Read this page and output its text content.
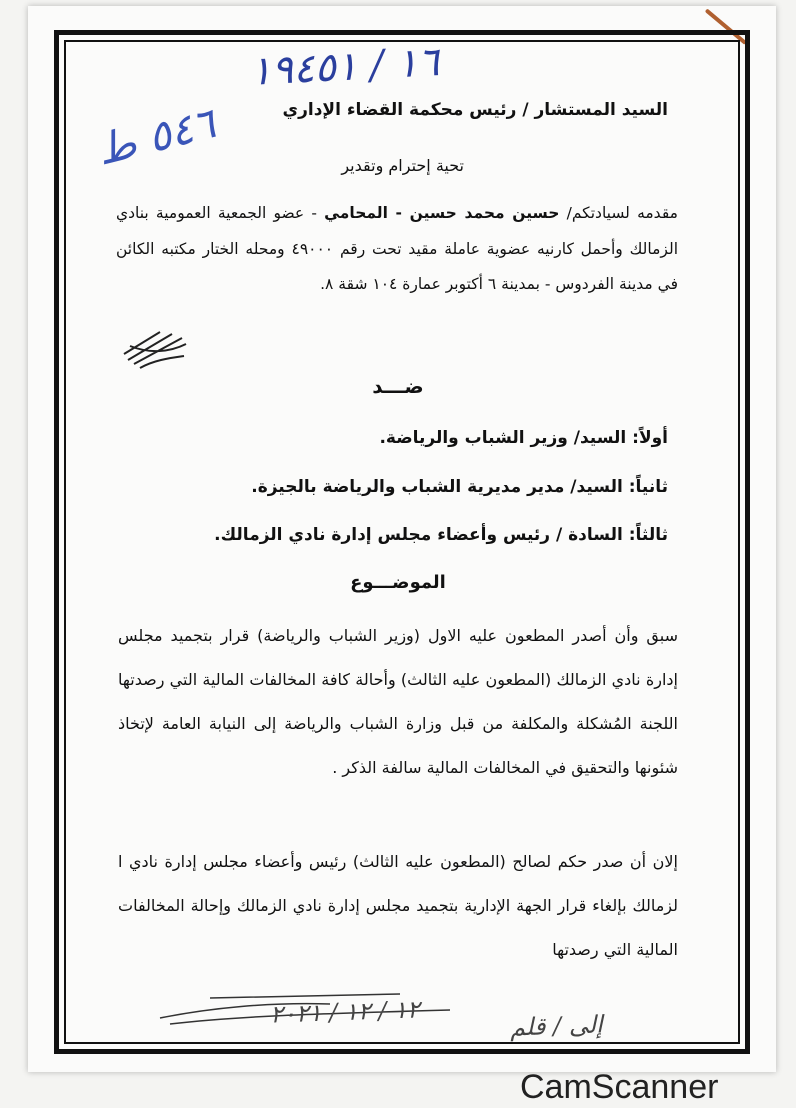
١٦ / ١٩٤٥١
٥٤٦ ط	السيد المستشار / رئيس محكمة القضاء الإداري
تحية إحترام وتقدير
مقدمه لسيادتكم/ حسين محمد حسين - المحامي - عضو الجمعية العمومية بنادي الزمالك وأحمل كارنيه عضوية عاملة مقيد تحت رقم ٤٩٠٠٠ ومحله الختار مكتبه الكائن في مدينة الفردوس - بمدينة ٦ أكتوبر عمارة ١٠٤ شقة ٨.
ضـــد
أولاً: السيد/ وزير الشباب والرياضة.
ثانياً: السيد/ مدير مديرية الشباب والرياضة بالجيزة.
ثالثاً: السادة / رئيس وأعضاء مجلس إدارة نادي الزمالك.
الموضـــوع
سبق وأن أصدر المطعون عليه الاول (وزير الشباب والرياضة) قرار بتجميد مجلس إدارة نادي الزمالك (المطعون عليه الثالث) وأحالة كافة المخالفات المالية التي رصدتها اللجنة المُشكلة والمكلفة من قبل وزارة الشباب والرياضة إلى النيابة العامة لإتخاذ شئونها والتحقيق في المخالفات المالية سالفة الذكر .
إلان أن صدر حكم لصالح (المطعون عليه الثالث) رئيس وأعضاء مجلس إدارة نادي ا لزمالك بإلغاء قرار الجهة الإدارية بتجميد مجلس إدارة نادي الزمالك وإحالة المخالفات المالية التي رصدتها
١٢ / ١٢ / ٢٠٢١
إلى / قلم
CamScanner
